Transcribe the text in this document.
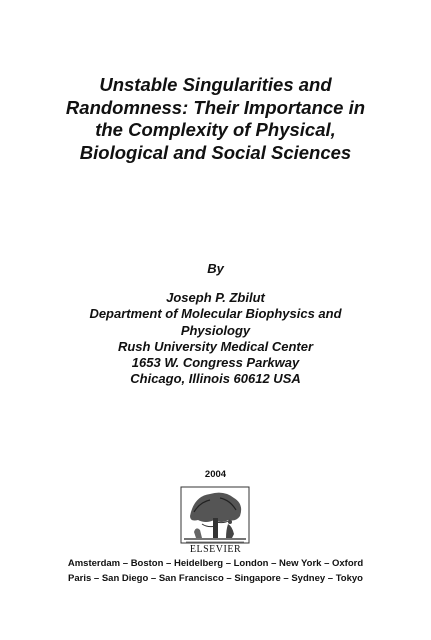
Unstable Singularities and
Randomness: Their Importance in
the Complexity of Physical,
Biological and Social Sciences
By
Joseph P. Zbilut
Department of Molecular Biophysics and
Physiology
Rush University Medical Center
1653 W. Congress Parkway
Chicago, Illinois 60612 USA
2004
ELSEVIER
Amsterdam – Boston – Heidelberg – London – New York – Oxford
Paris – San Diego – San Francisco – Singapore – Sydney – Tokyo
